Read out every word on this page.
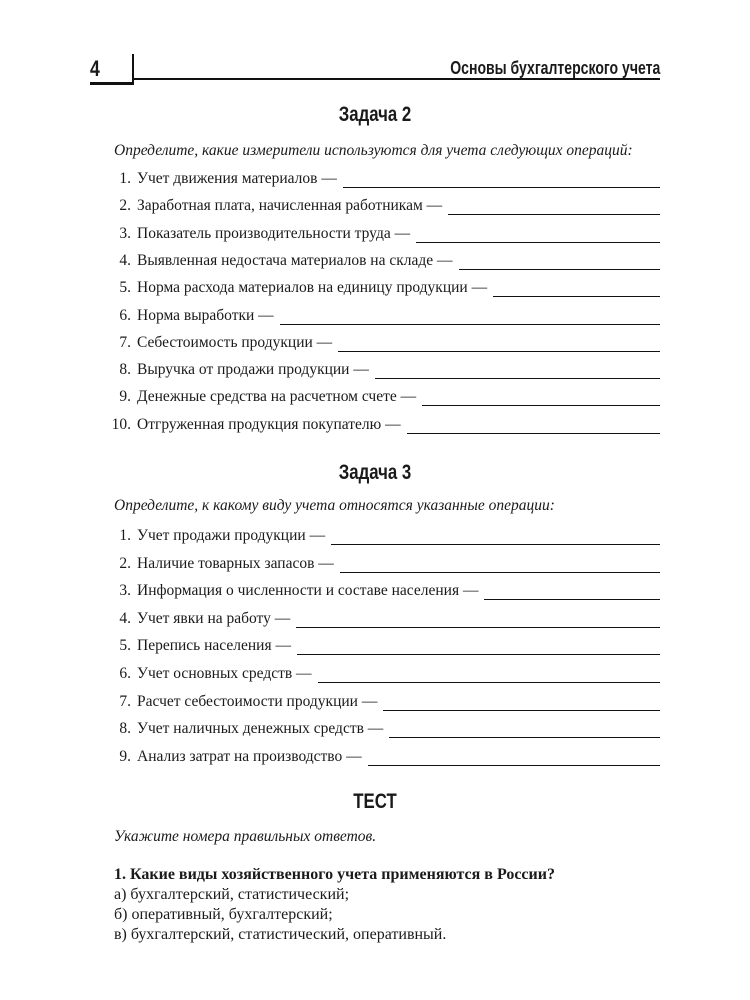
4	Основы бухгалтерского учета
Задача 2
Определите, какие измерители используются для учета следующих операций:
1. Учет движения материалов —
2. Заработная плата, начисленная работникам —
3. Показатель производительности труда —
4. Выявленная недостача материалов на складе —
5. Норма расхода материалов на единицу продукции —
6. Норма выработки —
7. Себестоимость продукции —
8. Выручка от продажи продукции —
9. Денежные средства на расчетном счете —
10. Отгруженная продукция покупателю —
Задача 3
Определите, к какому виду учета относятся указанные операции:
1. Учет продажи продукции —
2. Наличие товарных запасов —
3. Информация о численности и составе населения —
4. Учет явки на работу —
5. Перепись населения —
6. Учет основных средств —
7. Расчет себестоимости продукции —
8. Учет наличных денежных средств —
9. Анализ затрат на производство —
ТЕСТ
Укажите номера правильных ответов.
1. Какие виды хозяйственного учета применяются в России?
а) бухгалтерский, статистический;
б) оперативный, бухгалтерский;
в) бухгалтерский, статистический, оперативный.
